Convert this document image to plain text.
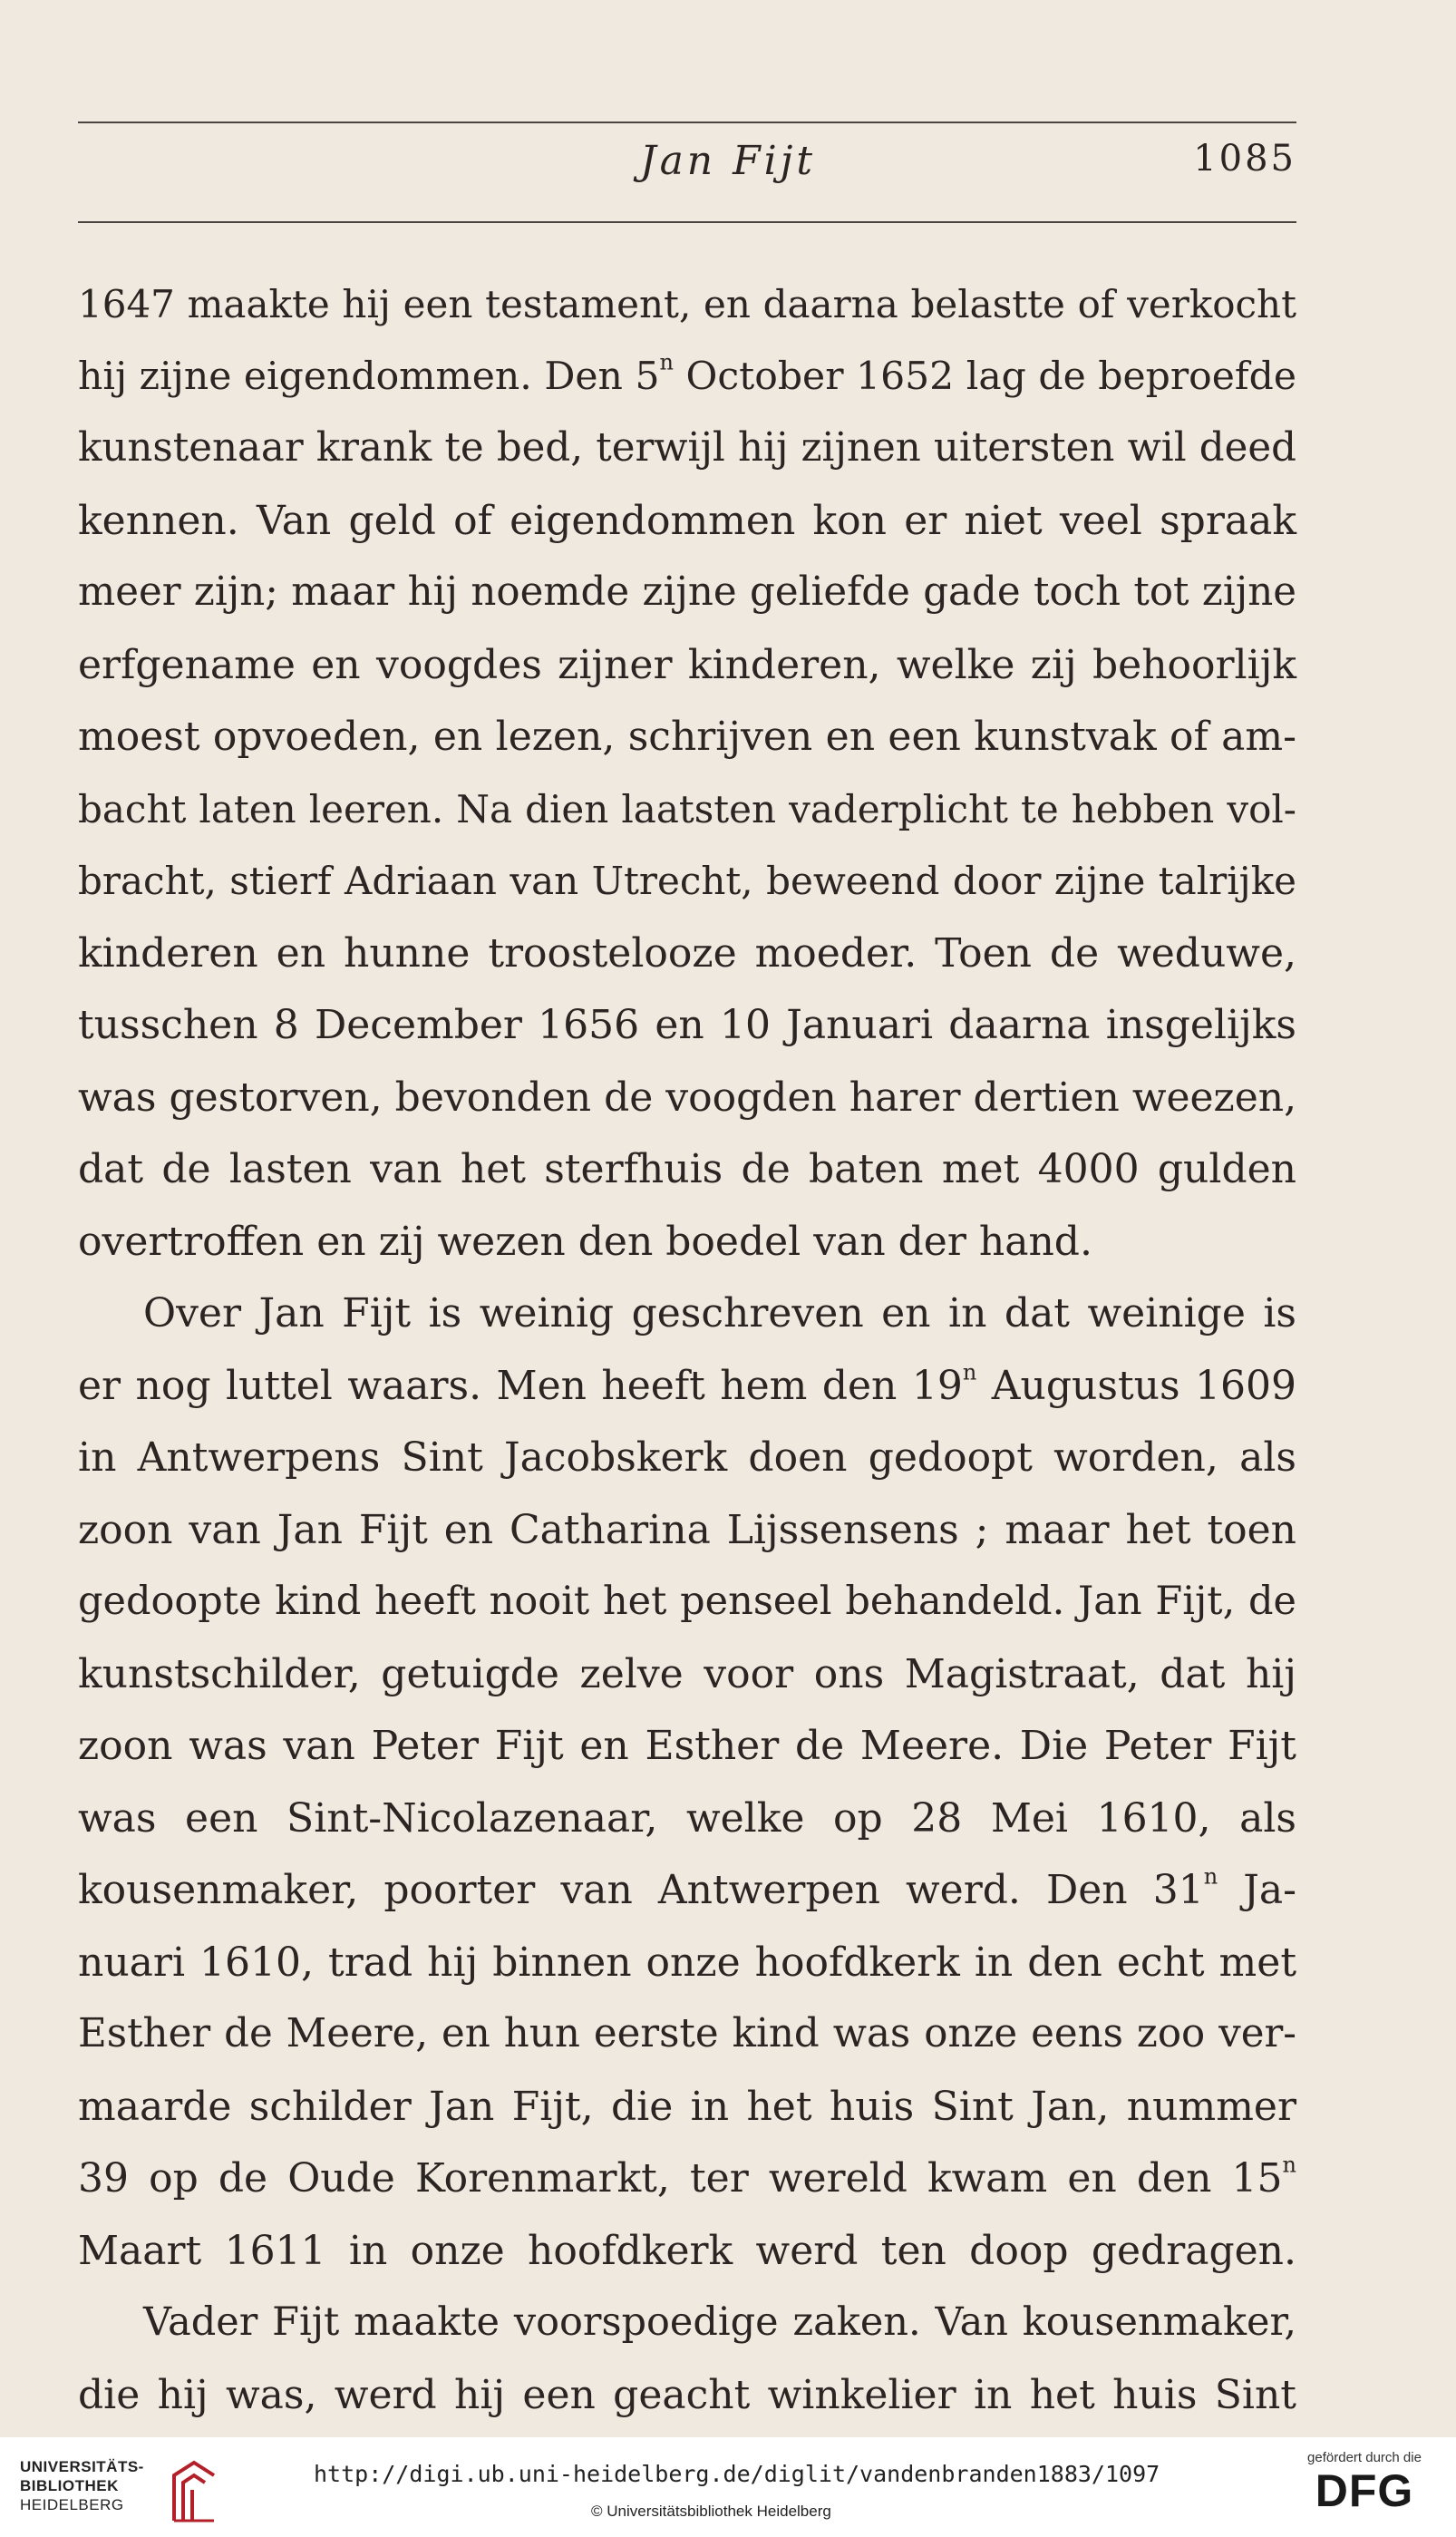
Jan Fijt	1085
1647 maakte hij een testament, en daarna belastte of verkocht
hij zijne eigendommen. Den 5$^n$ October 1652 lag de beproefde
kunstenaar krank te bed, terwijl hij zijnen uitersten wil deed
kennen. Van geld of eigendommen kon er niet veel spraak
meer zijn; maar hij noemde zijne geliefde gade toch tot zijne
erfgename en voogdes zijner kinderen, welke zij behoorlijk
moest opvoeden, en lezen, schrijven en een kunstvak of am-
bacht laten leeren. Na dien laatsten vaderplicht te hebben vol-
bracht, stierf Adriaan van Utrecht, beweend door zijne talrijke
kinderen en hunne troostelooze moeder. Toen de weduwe,
tusschen 8 December 1656 en 10 Januari daarna insgelijks
was gestorven, bevonden de voogden harer dertien weezen,
dat de lasten van het sterfhuis de baten met 4000 gulden
overtroffen en zij wezen den boedel van der hand.
Over Jan Fijt is weinig geschreven en in dat weinige is
er nog luttel waars. Men heeft hem den 19$^n$ Augustus 1609
in Antwerpens Sint Jacobskerk doen gedoopt worden, als
zoon van Jan Fijt en Catharina Lijssensens ; maar het toen
gedoopte kind heeft nooit het penseel behandeld. Jan Fijt, de
kunstschilder, getuigde zelve voor ons Magistraat, dat hij
zoon was van Peter Fijt en Esther de Meere. Die Peter Fijt
was een Sint-Nicolazenaar, welke op 28 Mei 1610, als
kousenmaker, poorter van Antwerpen werd. Den 31$^n$ Ja-
nuari 1610, trad hij binnen onze hoofdkerk in den echt met
Esther de Meere, en hun eerste kind was onze eens zoo ver-
maarde schilder Jan Fijt, die in het huis Sint Jan, nummer
39 op de Oude Korenmarkt, ter wereld kwam en den 15$^n$
Maart 1611 in onze hoofdkerk werd ten doop gedragen.
Vader Fijt maakte voorspoedige zaken. Van kousenmaker,
die hij was, werd hij een geacht winkelier in het huis Sint
UNIVERSITÄTS-
BIBLIOTHEK
HEIDELBERG
http://digi.ub.uni-heidelberg.de/diglit/vandenbranden1883/1097
© Universitätsbibliothek Heidelberg
gefördert durch die
DFG
